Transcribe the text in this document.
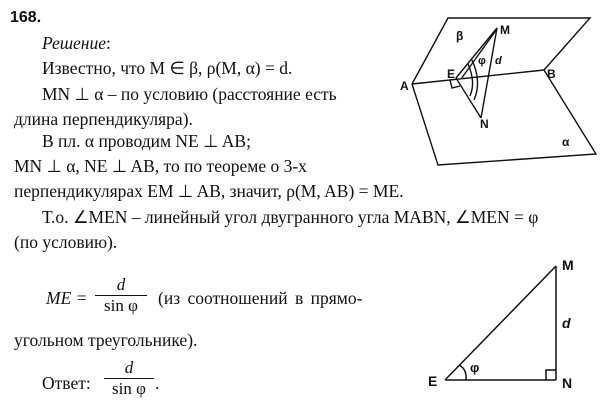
168.
Решение:
Известно, что M ∈ β, ρ(M, α) = d.
MN ⊥ α – по условию (расстояние есть
длина перпендикуляра).
В пл. α проводим NE ⊥ AB;
MN ⊥ α, NE ⊥ AB, то по теореме о 3-х
перпендикулярах EM ⊥ AB, значит, ρ(M, AB) = ME.
Т.о. ∠MEN – линейный угол двугранного угла MABN, ∠MEN = φ
(по условию).
ME = $\frac{d}{\text{sin φ}} (из$ соотношений в прямо-
угольном треугольнике).
Ответ: $\frac{d}{\text{sin φ}}$ .
M
E
A
B
N
β
α
φ d
M
E	N
φ
d
